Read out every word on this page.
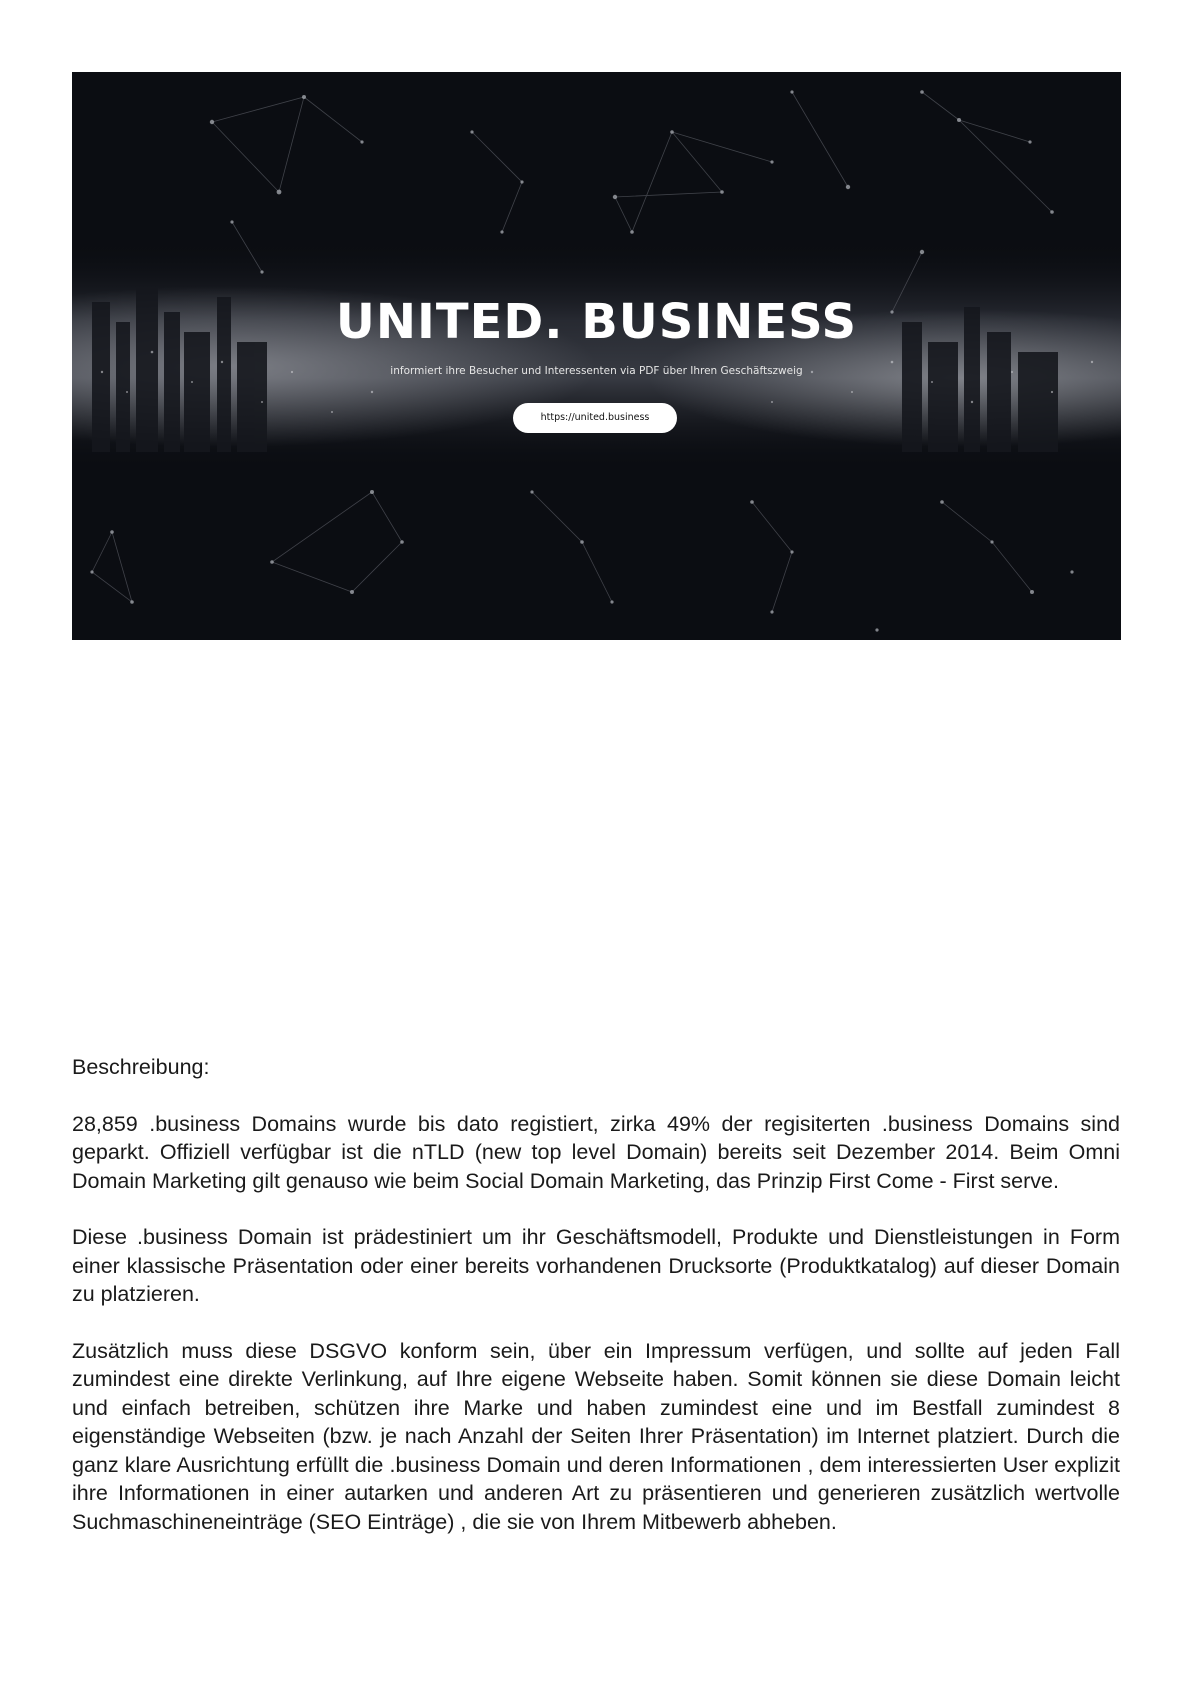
UNITED. BUSINESS
informiert ihre Besucher und Interessenten via PDF über Ihren Geschäftszweig
https://united.business

Beschreibung:

28,859 .business Domains wurde bis dato registiert, zirka 49% der regisiterten .business Domains sind geparkt. Offiziell verfügbar ist die nTLD (new top level Domain) bereits seit Dezember 2014. Beim Omni Domain Marketing gilt genauso wie beim Social Domain Marketing, das Prinzip First Come - First serve.

Diese .business Domain ist prädestiniert um ihr Geschäftsmodell, Produkte und Dienstleistungen in Form einer klassische Präsentation oder einer bereits vorhandenen Drucksorte (Produktkatalog) auf dieser Domain zu platzieren.

Zusätzlich muss diese DSGVO konform sein, über ein Impressum verfügen, und sollte auf jeden Fall zumindest eine direkte Verlinkung, auf Ihre eigene Webseite haben. Somit können sie diese Domain leicht und einfach betreiben, schützen ihre Marke und haben zumindest eine und im Bestfall zumindest 8 eigenständige Webseiten (bzw. je nach Anzahl der Seiten Ihrer Präsentation) im Internet platziert. Durch die ganz klare Ausrichtung erfüllt die .business Domain und deren Informationen , dem interessierten User explizit ihre Informationen in einer autarken und anderen Art zu präsentieren und generieren zusätzlich wertvolle Suchmaschineneinträge (SEO Einträge) , die sie von Ihrem Mitbewerb abheben.
